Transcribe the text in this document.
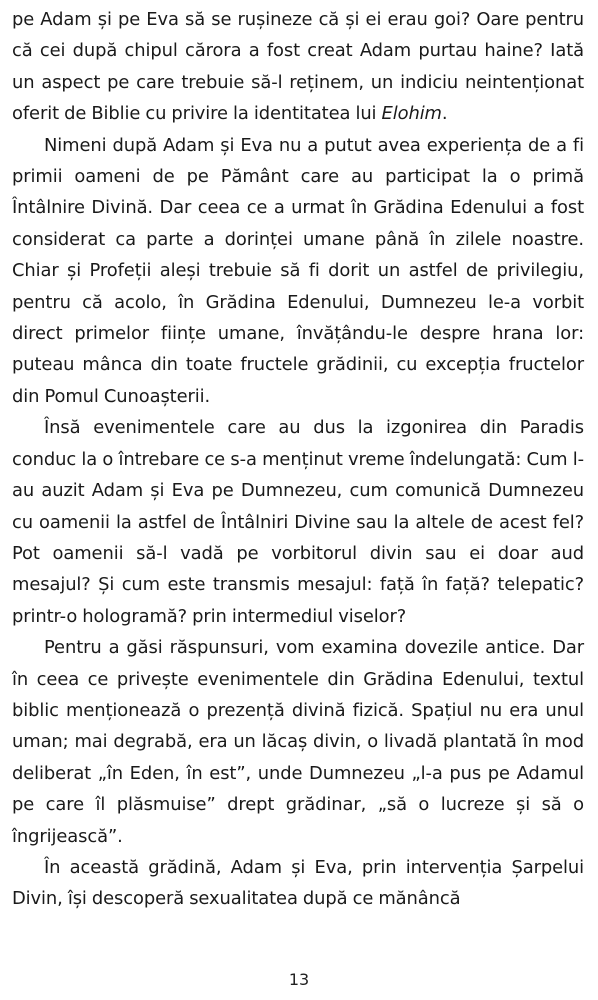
pe Adam și pe Eva să se rușineze că și ei erau goi? Oare pentru că cei după chipul cărora a fost creat Adam purtau haine? Iată un aspect pe care trebuie să-l reținem, un indiciu neintenționat oferit de Biblie cu privire la identitatea lui Elohim.

Nimeni după Adam și Eva nu a putut avea experiența de a fi primii oameni de pe Pământ care au participat la o primă Întâlnire Divină. Dar ceea ce a urmat în Grădina Edenului a fost considerat ca parte a dorinței umane până în zilele noastre. Chiar și Profeții aleși trebuie să fi dorit un astfel de privilegiu, pentru că acolo, în Grădina Edenului, Dumnezeu le-a vorbit direct primelor ființe umane, învățându-le despre hrana lor: puteau mânca din toate fructele grădinii, cu excepția fructelor din Pomul Cunoașterii.

Însă evenimentele care au dus la izgonirea din Paradis conduc la o întrebare ce s-a menținut vreme îndelungată: Cum l-au auzit Adam și Eva pe Dumnezeu, cum comunică Dumnezeu cu oamenii la astfel de Întâlniri Divine sau la altele de acest fel? Pot oamenii să-l vadă pe vorbitorul divin sau ei doar aud mesajul? Și cum este transmis mesajul: față în față? telepatic? printr-o hologramă? prin intermediul viselor?

Pentru a găsi răspunsuri, vom examina dovezile antice. Dar în ceea ce privește evenimentele din Grădina Edenului, textul biblic menționează o prezență divină fizică. Spațiul nu era unul uman; mai degrabă, era un lăcaș divin, o livadă plantată în mod deliberat „în Eden, în est”, unde Dumnezeu „l-a pus pe Adamul pe care îl plăsmuise” drept grădinar, „să o lucreze și să o îngrijească”.

În această grădină, Adam și Eva, prin intervenția Șarpelui Divin, își descoperă sexualitatea după ce mănâncă

13
